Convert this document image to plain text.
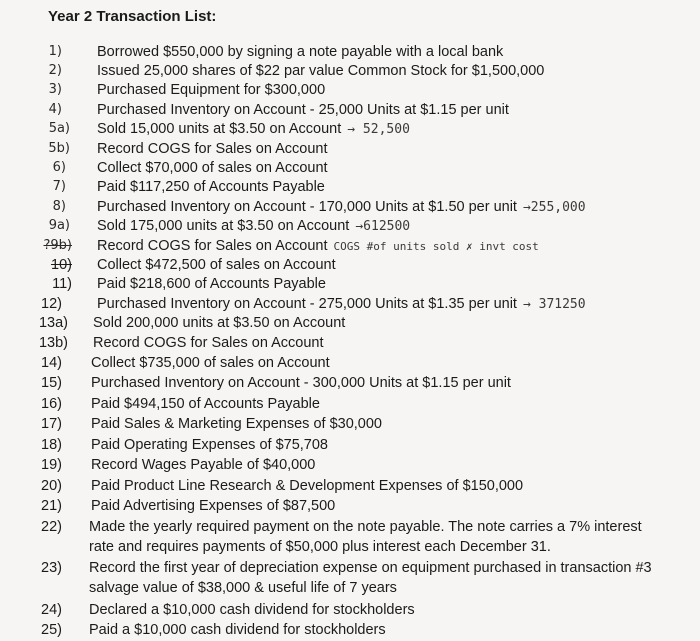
Year 2 Transaction List:
1) Borrowed $550,000 by signing a note payable with a local bank
2) Issued 25,000 shares of $22 par value Common Stock for $1,500,000
3) Purchased Equipment for $300,000
4) Purchased Inventory on Account - 25,000 Units at $1.15 per unit
5a) Sold 15,000 units at $3.50 on Account → 52,500
5b) Record COGS for Sales on Account
6) Collect $70,000 of sales on Account
7) Paid $117,250 of Accounts Payable
8) Purchased Inventory on Account - 170,000 Units at $1.50 per unit →255,000
9a) Sold 175,000 units at $3.50 on Account →612500
?9b) Record COGS for Sales on Account COGS #of units sold ✗ invt cost
10) Collect $472,500 of sales on Account
11) Paid $218,600 of Accounts Payable
12) Purchased Inventory on Account - 275,000 Units at $1.35 per unit → 371250
13a) Sold 200,000 units at $3.50 on Account
13b) Record COGS for Sales on Account
14) Collect $735,000 of sales on Account
15) Purchased Inventory on Account - 300,000 Units at $1.15 per unit
16) Paid $494,150 of Accounts Payable
17) Paid Sales & Marketing Expenses of $30,000
18) Paid Operating Expenses of $75,708
19) Record Wages Payable of $40,000
20) Paid Product Line Research & Development Expenses of $150,000
21) Paid Advertising Expenses of $87,500
22) Made the yearly required payment on the note payable. The note carries a 7% interest
rate and requires payments of $50,000 plus interest each December 31.
23) Record the first year of depreciation expense on equipment purchased in transaction #3
salvage value of $38,000 & useful life of 7 years
24) Declared a $10,000 cash dividend for stockholders
25) Paid a $10,000 cash dividend for stockholders
